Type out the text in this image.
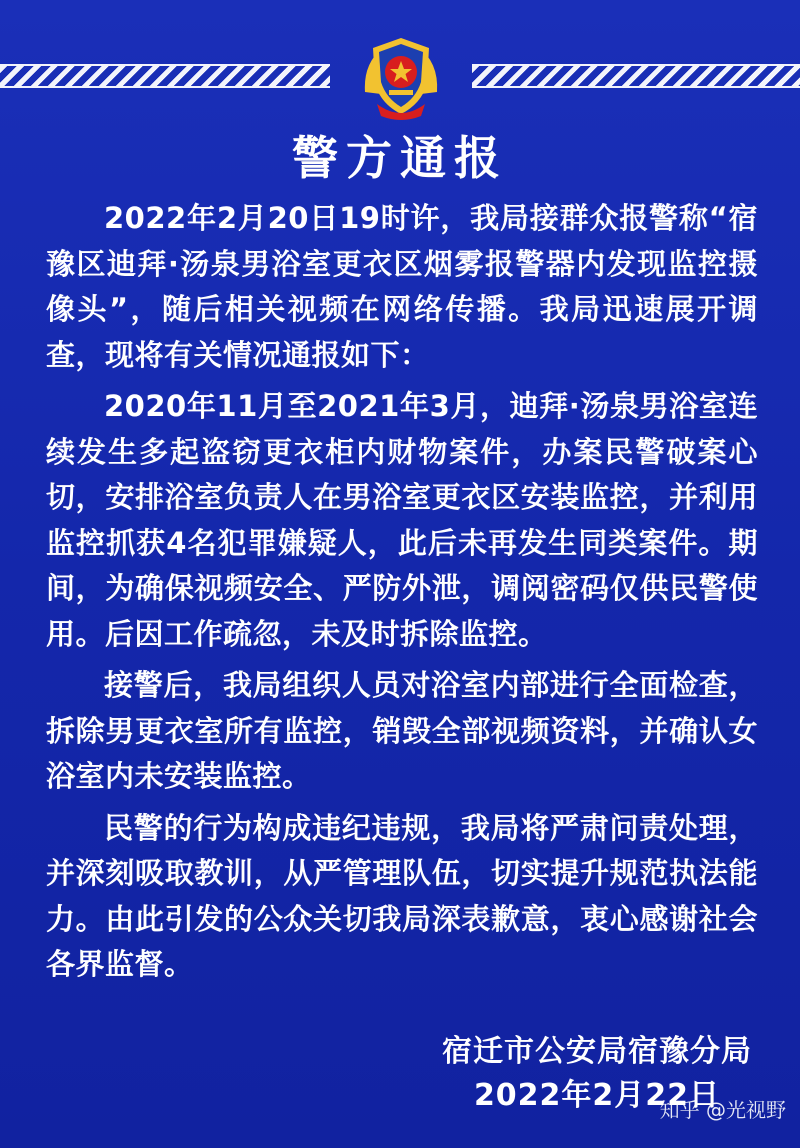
警方通报

2022年2月20日19时许，我局接群众报警称“宿豫区迪拜·汤泉男浴室更衣区烟雾报警器内发现监控摄像头”，随后相关视频在网络传播。我局迅速展开调查，现将有关情况通报如下：

2020年11月至2021年3月，迪拜·汤泉男浴室连续发生多起盗窃更衣柜内财物案件，办案民警破案心切，安排浴室负责人在男浴室更衣区安装监控，并利用监控抓获4名犯罪嫌疑人，此后未再发生同类案件。期间，为确保视频安全、严防外泄，调阅密码仅供民警使用。后因工作疏忽，未及时拆除监控。

接警后，我局组织人员对浴室内部进行全面检查，拆除男更衣室所有监控，销毁全部视频资料，并确认女浴室内未安装监控。

民警的行为构成违纪违规，我局将严肃问责处理，并深刻吸取教训，从严管理队伍，切实提升规范执法能力。由此引发的公众关切我局深表歉意，衷心感谢社会各界监督。

宿迁市公安局宿豫分局
2022年2月22日
知乎 @光视野
